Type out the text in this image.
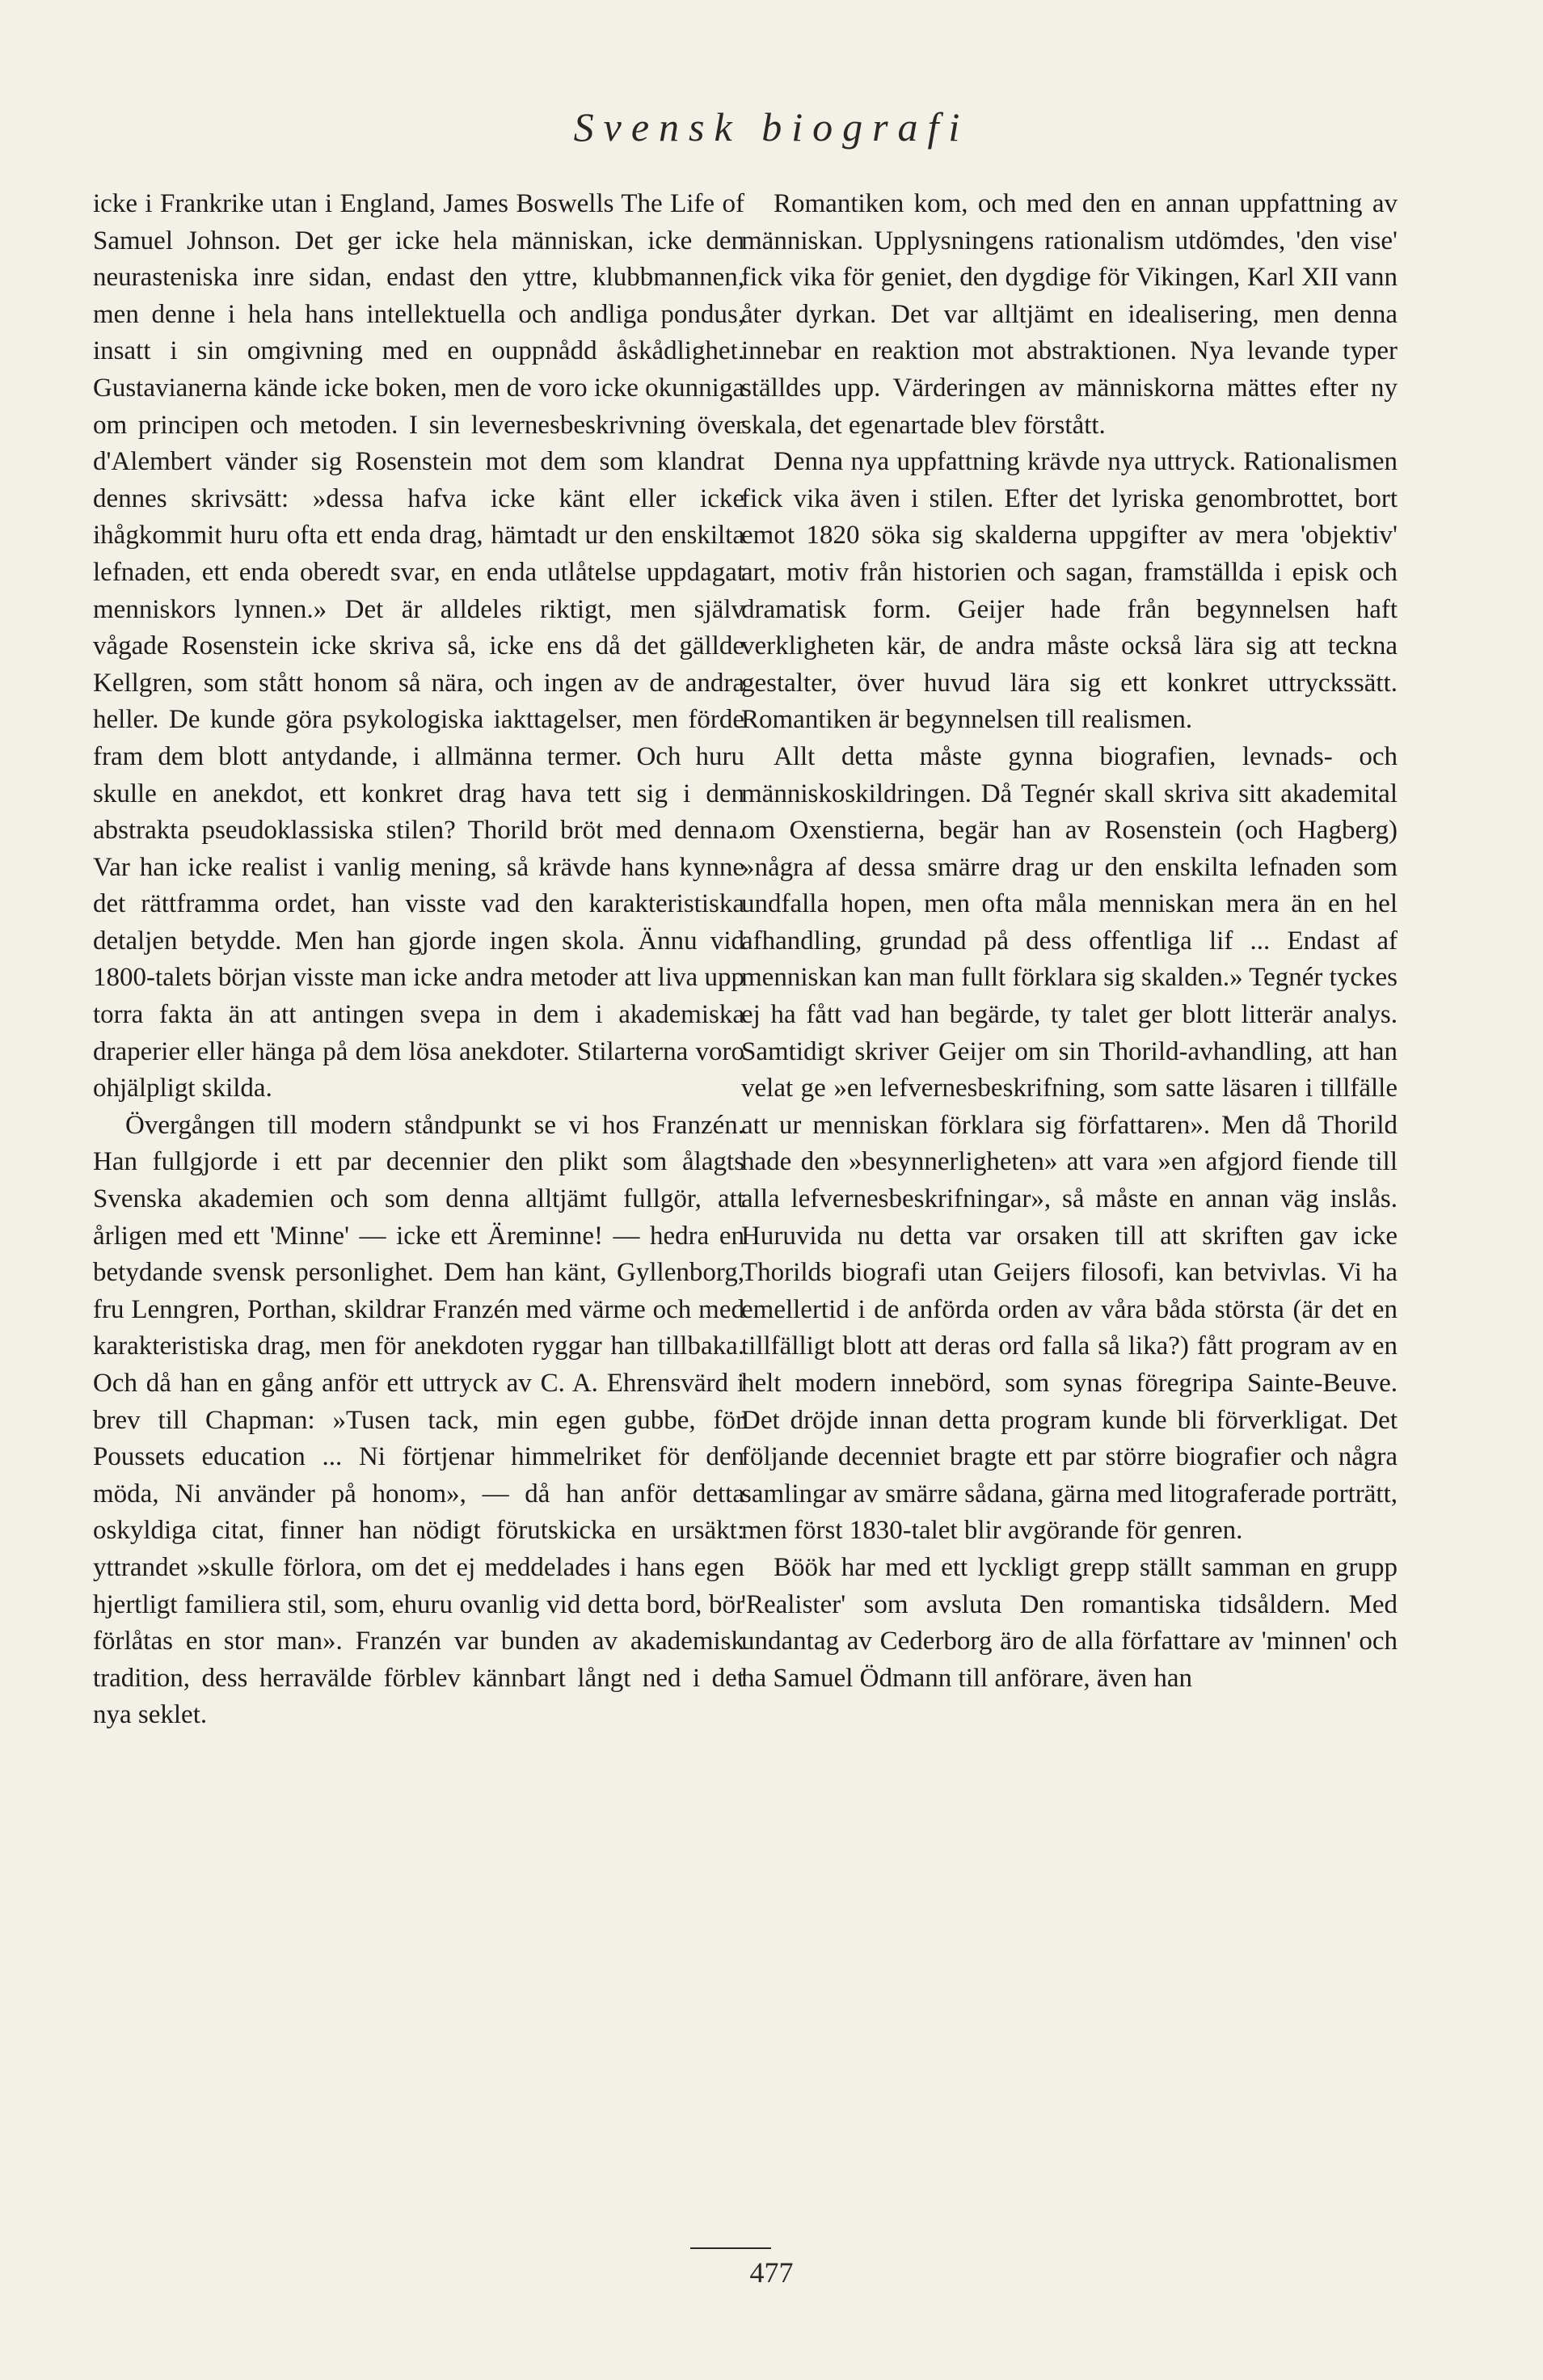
Svensk biografi

icke i Frankrike utan i England, James Boswells The Life of Samuel Johnson. Det ger icke hela människan, icke den neurasteniska inre sidan, endast den yttre, klubbmannen, men denne i hela hans intellektuella och andliga pondus, insatt i sin omgivning med en ouppnådd åskådlighet. Gustavianerna kände icke boken, men de voro icke okunniga om principen och metoden. I sin levernesbeskrivning över d'Alembert vänder sig Rosenstein mot dem som klandrat dennes skrivsätt: »dessa hafva icke känt eller icke ihågkommit huru ofta ett enda drag, hämtadt ur den enskilta lefnaden, ett enda oberedt svar, en enda utlåtelse uppdagat menniskors lynnen.» Det är alldeles riktigt, men själv vågade Rosenstein icke skriva så, icke ens då det gällde Kellgren, som stått honom så nära, och ingen av de andra heller. De kunde göra psykologiska iakttagelser, men förde fram dem blott antydande, i allmänna termer. Och huru skulle en anekdot, ett konkret drag hava tett sig i den abstrakta pseudoklassiska stilen? Thorild bröt med denna. Var han icke realist i vanlig mening, så krävde hans kynne det rättframma ordet, han visste vad den karakteristiska detaljen betydde. Men han gjorde ingen skola. Ännu vid 1800-talets början visste man icke andra metoder att liva upp torra fakta än att antingen svepa in dem i akademiska draperier eller hänga på dem lösa anekdoter. Stilarterna voro ohjälpligt skilda.

Övergången till modern ståndpunkt se vi hos Franzén. Han fullgjorde i ett par decennier den plikt som ålagts Svenska akademien och som denna alltjämt fullgör, att årligen med ett 'Minne' — icke ett Äreminne! — hedra en betydande svensk personlighet. Dem han känt, Gyllenborg, fru Lenngren, Porthan, skildrar Franzén med värme och med karakteristiska drag, men för anekdoten ryggar han tillbaka. Och då han en gång anför ett uttryck av C. A. Ehrensvärd i brev till Chapman: »Tusen tack, min egen gubbe, för Poussets education ... Ni förtjenar himmelriket för den möda, Ni använder på honom», — då han anför detta oskyldiga citat, finner han nödigt förutskicka en ursäkt: yttrandet »skulle förlora, om det ej meddelades i hans egen hjertligt familiera stil, som, ehuru ovanlig vid detta bord, bör förlåtas en stor man». Franzén var bunden av akademisk tradition, dess herravälde förblev kännbart långt ned i det nya seklet.

Romantiken kom, och med den en annan uppfattning av människan. Upplysningens rationalism utdömdes, 'den vise' fick vika för geniet, den dygdige för Vikingen, Karl XII vann åter dyrkan. Det var alltjämt en idealisering, men denna innebar en reaktion mot abstraktionen. Nya levande typer ställdes upp. Värderingen av människorna mättes efter ny skala, det egenartade blev förstått.

Denna nya uppfattning krävde nya uttryck. Rationalismen fick vika även i stilen. Efter det lyriska genombrottet, bort emot 1820 söka sig skalderna uppgifter av mera 'objektiv' art, motiv från historien och sagan, framställda i episk och dramatisk form. Geijer hade från begynnelsen haft verkligheten kär, de andra måste också lära sig att teckna gestalter, över huvud lära sig ett konkret uttryckssätt. Romantiken är begynnelsen till realismen.

Allt detta måste gynna biografien, levnads- och människoskildringen. Då Tegnér skall skriva sitt akademital om Oxenstierna, begär han av Rosenstein (och Hagberg) »några af dessa smärre drag ur den enskilta lefnaden som undfalla hopen, men ofta måla menniskan mera än en hel afhandling, grundad på dess offentliga lif ... Endast af menniskan kan man fullt förklara sig skalden.» Tegnér tyckes ej ha fått vad han begärde, ty talet ger blott litterär analys. Samtidigt skriver Geijer om sin Thorild-avhandling, att han velat ge »en lefvernesbeskrifning, som satte läsaren i tillfälle att ur menniskan förklara sig författaren». Men då Thorild hade den »besynnerligheten» att vara »en afgjord fiende till alla lefvernesbeskrifningar», så måste en annan väg inslås. Huruvida nu detta var orsaken till att skriften gav icke Thorilds biografi utan Geijers filosofi, kan betvivlas. Vi ha emellertid i de anförda orden av våra båda största (är det en tillfälligt blott att deras ord falla så lika?) fått program av en helt modern innebörd, som synas föregripa Sainte-Beuve. Det dröjde innan detta program kunde bli förverkligat. Det följande decenniet bragte ett par större biografier och några samlingar av smärre sådana, gärna med litograferade porträtt, men först 1830-talet blir avgörande för genren.

Böök har med ett lyckligt grepp ställt samman en grupp 'Realister' som avsluta Den romantiska tidsåldern. Med undantag av Cederborg äro de alla författare av 'minnen' och ha Samuel Ödmann till anförare, även han

477
